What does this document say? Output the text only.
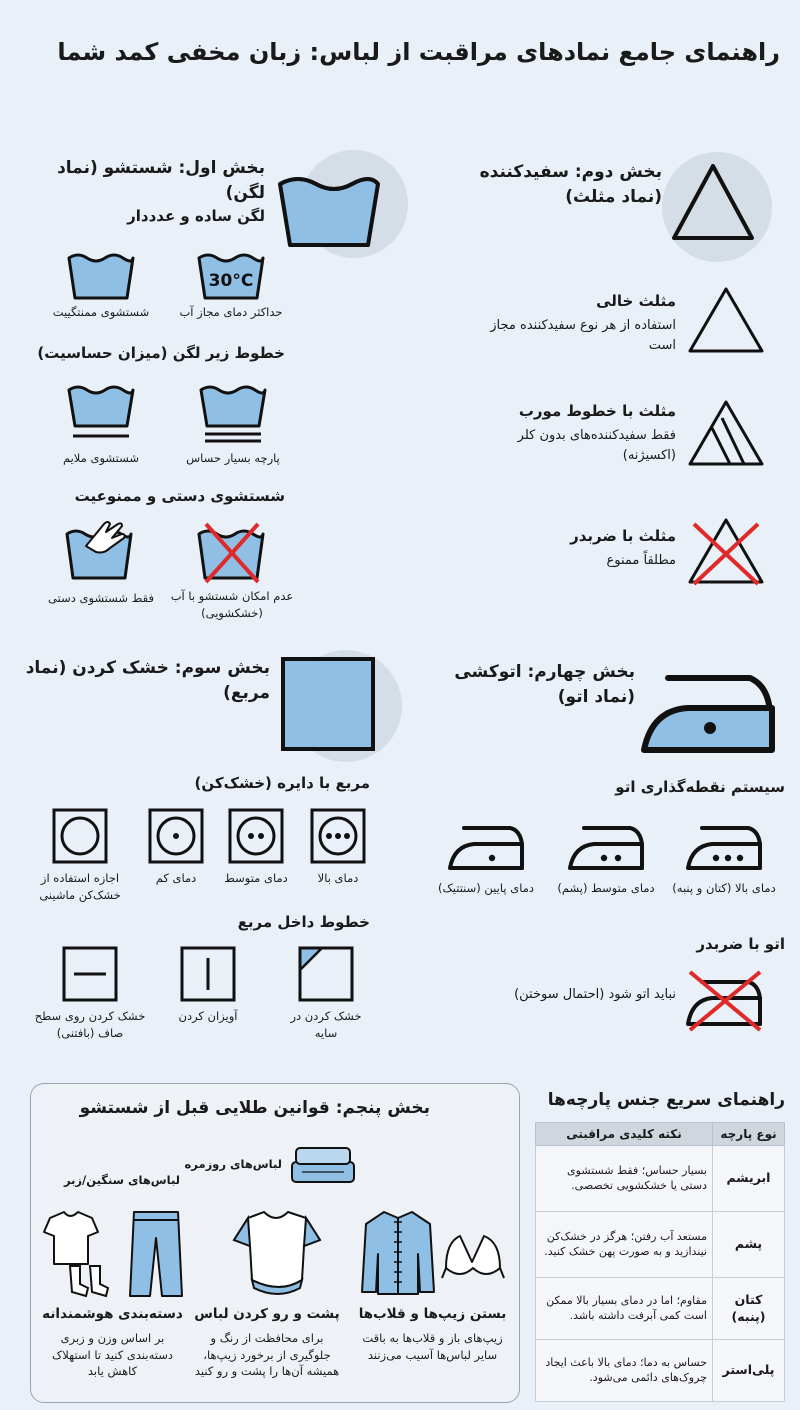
راهنمای جامع نمادهای مراقبت از لباس: زبان مخفی کمد شما
بخش اول: شستشو (نماد لگن)
لگن ساده و عدددار
30°C
حداکثر دمای مجاز آب
شستشوی ممنتگییت
خطوط زیر لگن (میزان حساسیت)
پارچه بسیار حساس
شستشوی ملایم
شستشوی دستی و ممنوعیت
عدم امکان شستشو با آب (خشکشویی)
فقط شستشوی دستی
بخش دوم: سفیدکننده (نماد مثلث)
مثلث خالی
استفاده از هر نوع سفیدکننده مجاز است
مثلث با خطوط مورب
فقط سفیدکننده‌های بدون کلر (اکسیژنه)
مثلث با ضربدر
مطلقاً ممنوع
بخش سوم: خشک کردن (نماد مربع)
مربع با دایره (خشک‌کن)
دمای بالا
دمای متوسط
دمای کم
اجازه استفاده از خشک‌کن ماشینی
خطوط داخل مربع
خشک کردن در سایه
آویزان کردن
خشک کردن روی سطح صاف (بافتنی)
بخش چهارم: اتوکشی (نماد اتو)
سیستم نقطه‌گذاری اتو
دمای بالا (کتان و پنبه)
دمای متوسط (پشم)
دمای پایین (سنتتیک)
اتو با ضربدر
نباید اتو شود (احتمال سوختن)
بخش پنجم: قوانین طلایی قبل از شستشو
لباس‌های روزمره
لباس‌های سنگین/زبر
دسته‌بندی هوشمندانه
بر اساس وزن و زبری دسته‌بندی کنید تا استهلاک کاهش یابد
پشت و رو کردن لباس
برای محافظت از رنگ و جلوگیری از برخورد زیپ‌ها، همیشه آن‌ها را پشت و رو کنید
بستن زیپ‌ها و قلاب‌ها
زیپ‌های باز و قلاب‌ها به باقت سایر لباس‌ها آسیب می‌زنند
راهنمای سریع جنس پارچه‌ها
نوع پارچه	نکته کلیدی مراقبتی
ابریشم	بسیار حساس؛ فقط شستشوی دستی یا خشکشویی تخصصی.
پشم	مستعد آب رفتن؛ هرگز در خشک‌کن نیندازید و به صورت پهن خشک کنید.
کتان (پنبه)	مقاوم؛ اما در دمای بسیار بالا ممکن است کمی آبرفت داشته باشد.
پلی‌استر	حساس به دما؛ دمای بالا باعث ایجاد چروک‌های دائمی می‌شود.
